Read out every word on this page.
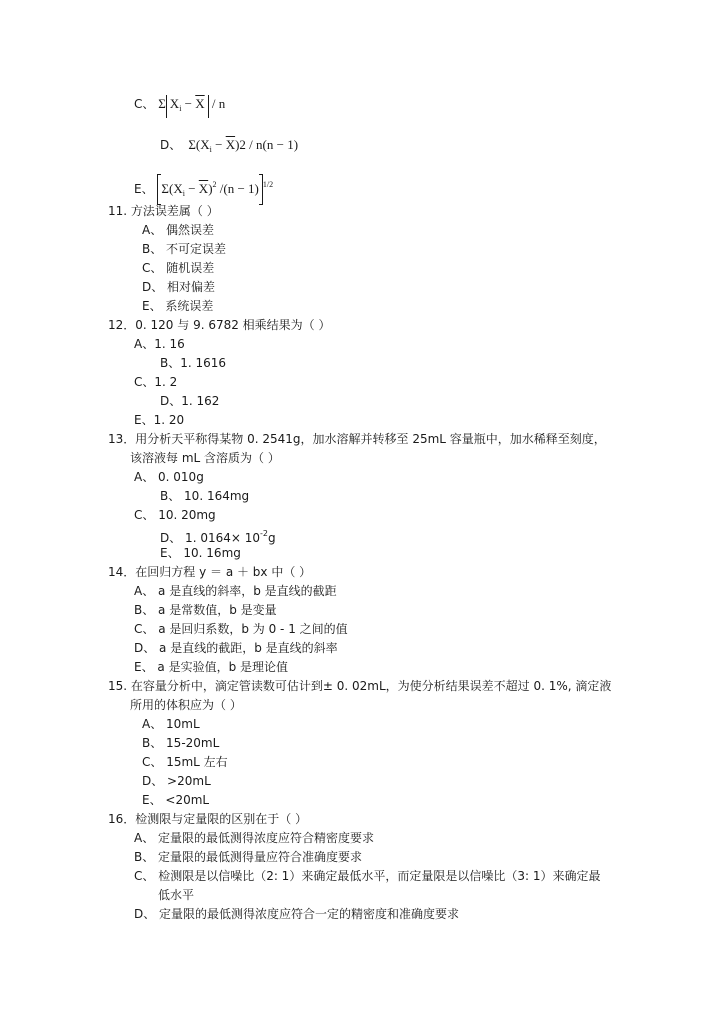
C、 Σ $X_i - \overline{X} / n$
D、  $\Sigma(X_i - \overline{X})2 / n(n - 1)$
E、 $\Sigma(X_i - \overline{X})^2$ /(n − 1) $^{1/2}$
11. 方法误差属（ ）
A、 偶然误差
B、 不可定误差
C、 随机误差
D、 相对偏差
E、 系统误差
12．0. 120 与 9. 6782 相乘结果为（ ）
A、1. 16
B、1. 1616
C、1. 2
D、1. 162
E、1. 20
13．用分析天平称得某物 0. 2541g，加水溶解并转移至 25mL 容量瓶中，加水稀释至刻度，
该溶液每 mL 含溶质为（ ）
A、 0. 010g
B、 10. 164mg
C、 10. 20mg
D、 1. $0164\times 10^{-2}g$
E、 10. 16mg
14．在回归方程 y ＝ a ＋ bx 中（ ）
A、 a 是直线的斜率，b 是直线的截距
B、 a 是常数值，b 是变量
C、 a 是回归系数，b 为 0 - 1 之间的值
D、 a 是直线的截距，b 是直线的斜率
E、 a 是实验值，b 是理论值
15. 在容量分析中，滴定管读数可估计到± 0. 02mL，为使分析结果误差不超过 0. 1%, 滴定液
所用的体积应为（ ）
A、 10mL
B、 15-20mL
C、 15mL 左右
D、 >20mL
E、 <20mL
16．检测限与定量限的区别在于（ ）
A、 定量限的最低测得浓度应符合精密度要求
B、 定量限的最低测得量应符合准确度要求
C、 检测限是以信噪比（2: 1）来确定最低水平，而定量限是以信噪比（3: 1）来确定最
低水平
D、 定量限的最低测得浓度应符合一定的精密度和准确度要求
